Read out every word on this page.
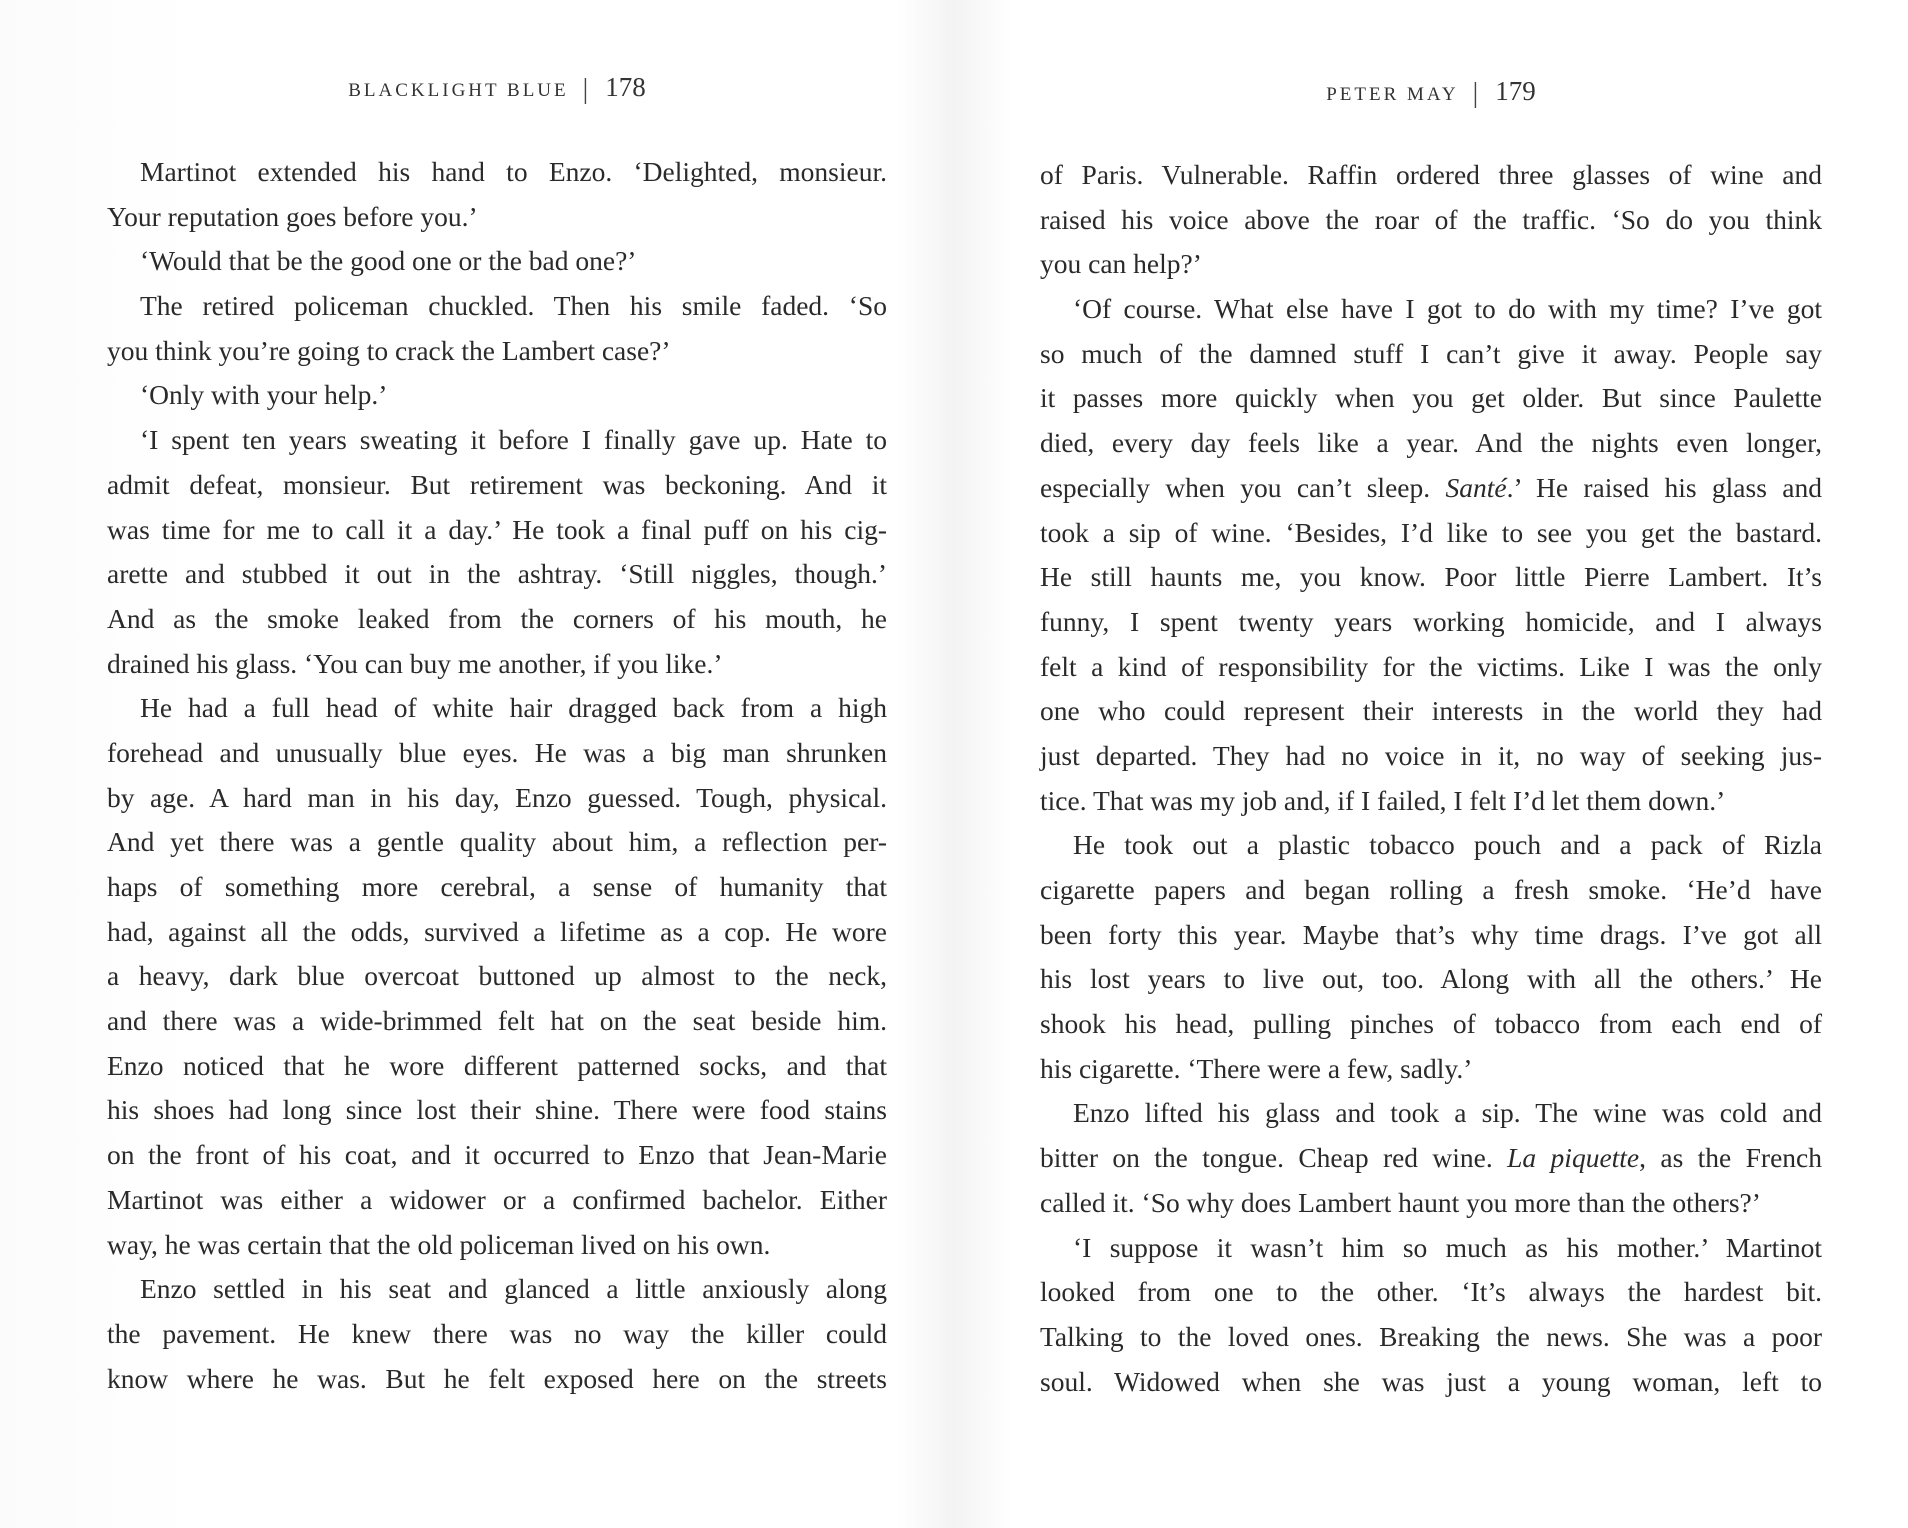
BLACKLIGHT BLUE | 178
Martinot extended his hand to Enzo. ‘Delighted, monsieur.
Your reputation goes before you.’
‘Would that be the good one or the bad one?’
The retired policeman chuckled. Then his smile faded. ‘So
you think you’re going to crack the Lambert case?’
‘Only with your help.’
‘I spent ten years sweating it before I finally gave up. Hate to
admit defeat, monsieur. But retirement was beckoning. And it
was time for me to call it a day.’ He took a final puff on his cig-
arette and stubbed it out in the ashtray. ‘Still niggles, though.’
And as the smoke leaked from the corners of his mouth, he
drained his glass. ‘You can buy me another, if you like.’
He had a full head of white hair dragged back from a high
forehead and unusually blue eyes. He was a big man shrunken
by age. A hard man in his day, Enzo guessed. Tough, physical.
And yet there was a gentle quality about him, a reflection per-
haps of something more cerebral, a sense of humanity that
had, against all the odds, survived a lifetime as a cop. He wore
a heavy, dark blue overcoat buttoned up almost to the neck,
and there was a wide-brimmed felt hat on the seat beside him.
Enzo noticed that he wore different patterned socks, and that
his shoes had long since lost their shine. There were food stains
on the front of his coat, and it occurred to Enzo that Jean-Marie
Martinot was either a widower or a confirmed bachelor. Either
way, he was certain that the old policeman lived on his own.
Enzo settled in his seat and glanced a little anxiously along
the pavement. He knew there was no way the killer could
know where he was. But he felt exposed here on the streets
PETER MAY | 179
of Paris. Vulnerable. Raffin ordered three glasses of wine and
raised his voice above the roar of the traffic. ‘So do you think
you can help?’
‘Of course. What else have I got to do with my time? I’ve got
so much of the damned stuff I can’t give it away. People say
it passes more quickly when you get older. But since Paulette
died, every day feels like a year. And the nights even longer,
especially when you can’t sleep. Santé.’ He raised his glass and
took a sip of wine. ‘Besides, I’d like to see you get the bastard.
He still haunts me, you know. Poor little Pierre Lambert. It’s
funny, I spent twenty years working homicide, and I always
felt a kind of responsibility for the victims. Like I was the only
one who could represent their interests in the world they had
just departed. They had no voice in it, no way of seeking jus-
tice. That was my job and, if I failed, I felt I’d let them down.’
He took out a plastic tobacco pouch and a pack of Rizla
cigarette papers and began rolling a fresh smoke. ‘He’d have
been forty this year. Maybe that’s why time drags. I’ve got all
his lost years to live out, too. Along with all the others.’ He
shook his head, pulling pinches of tobacco from each end of
his cigarette. ‘There were a few, sadly.’
Enzo lifted his glass and took a sip. The wine was cold and
bitter on the tongue. Cheap red wine. La piquette, as the French
called it. ‘So why does Lambert haunt you more than the others?’
‘I suppose it wasn’t him so much as his mother.’ Martinot
looked from one to the other. ‘It’s always the hardest bit.
Talking to the loved ones. Breaking the news. She was a poor
soul. Widowed when she was just a young woman, left to
